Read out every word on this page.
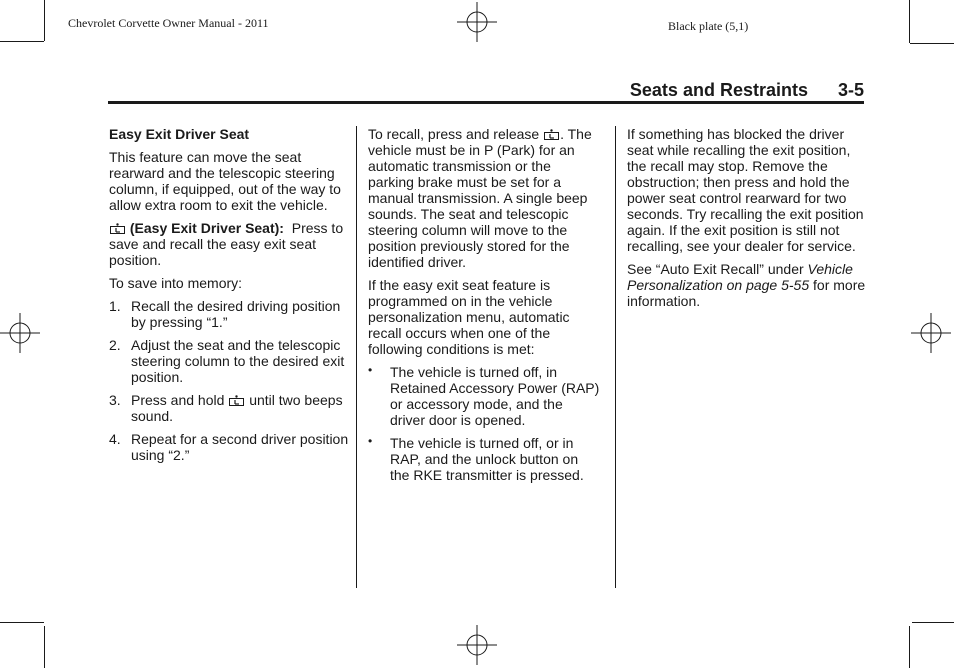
Chevrolet Corvette Owner Manual - 2011	Black plate (5,1)
Seats and Restraints 3-5

Easy Exit Driver Seat

This feature can move the seat rearward and the telescopic steering column, if equipped, out of the way to allow extra room to exit the vehicle.

(Easy Exit Driver Seat): Press to save and recall the easy exit seat position.

To save into memory:

1. Recall the desired driving position by pressing “1.”
2. Adjust the seat and the telescopic steering column to the desired exit position.
3. Press and hold until two beeps sound.
4. Repeat for a second driver position using “2.”

To recall, press and release . The vehicle must be in P (Park) for an automatic transmission or the parking brake must be set for a manual transmission. A single beep sounds. The seat and telescopic steering column will move to the position previously stored for the identified driver.

If the easy exit seat feature is programmed on in the vehicle personalization menu, automatic recall occurs when one of the following conditions is met:

• The vehicle is turned off, in Retained Accessory Power (RAP) or accessory mode, and the driver door is opened.
• The vehicle is turned off, or in RAP, and the unlock button on the RKE transmitter is pressed.

If something has blocked the driver seat while recalling the exit position, the recall may stop. Remove the obstruction; then press and hold the power seat control rearward for two seconds. Try recalling the exit position again. If the exit position is still not recalling, see your dealer for service.

See “Auto Exit Recall” under Vehicle Personalization on page 5-55 for more information.
